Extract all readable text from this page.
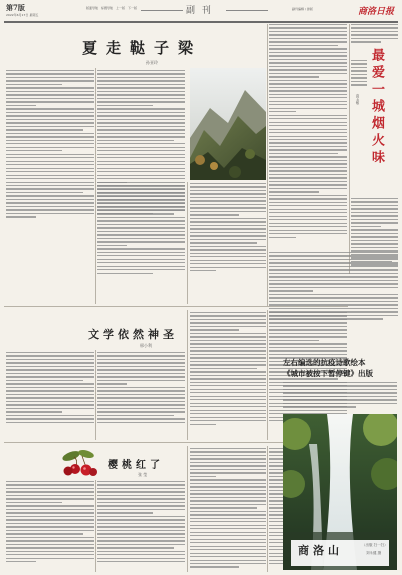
第7版
2022年6月17日 星期五
版面导航 标题导航 上一版 下一版	副 刊	副刊编辑 / 排版	商洛日报
夏走鞑子梁
孙亚玲
文学依然神圣
邢小利
樱桃红了
张 莹
最爱一城烟火味
高玉敏
左右编选的抗疫诗歌绘本
《城市被按下暂停键》出版
商洛山	（出版 扫一扫）
刘永健 摄
